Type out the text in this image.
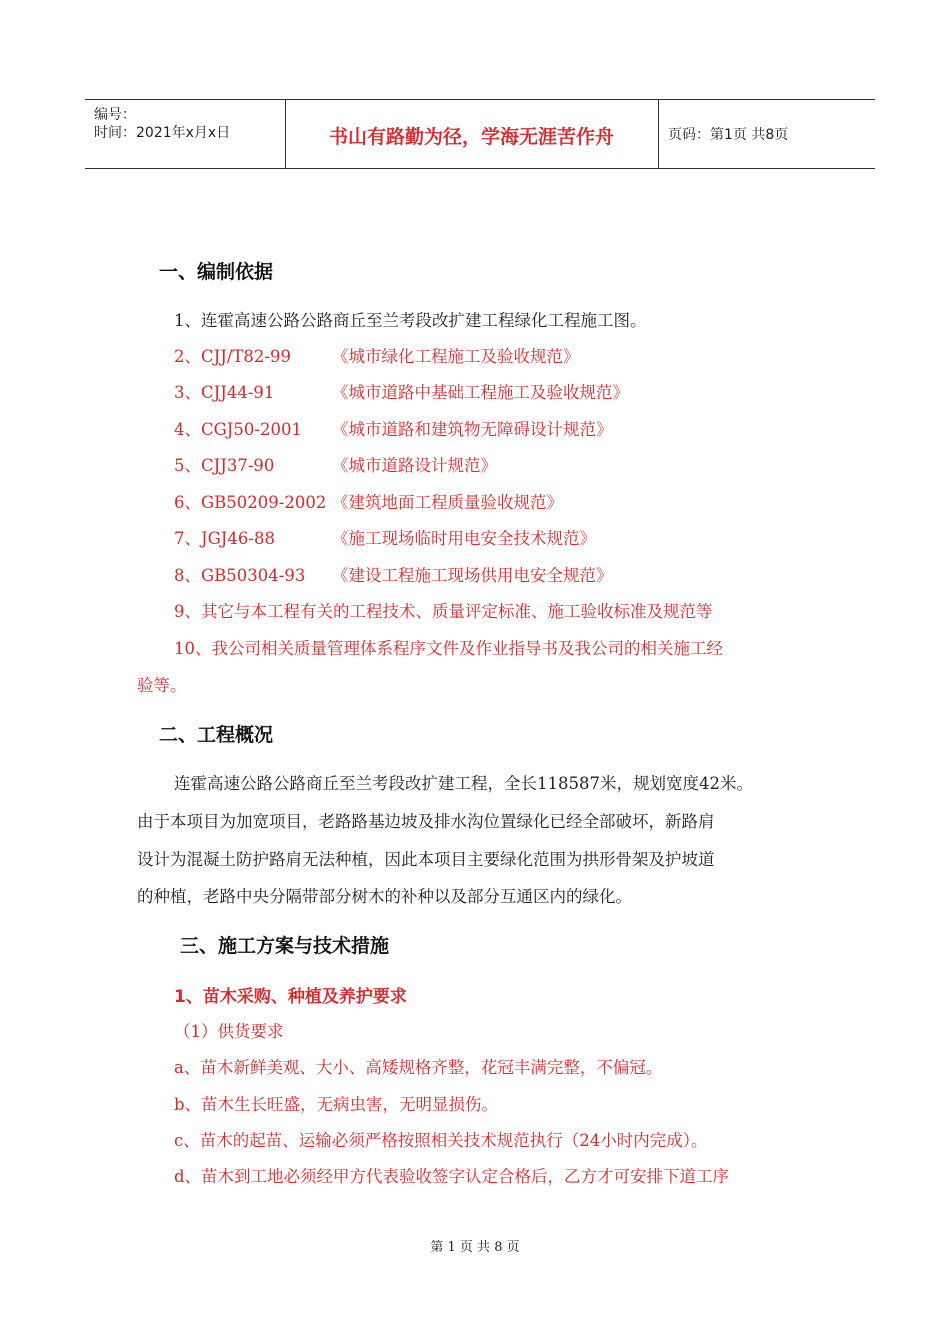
编号：
时间：2021年x月x日	书山有路勤为径，学海无涯苦作舟	页码：第1页 共8页
一、编制依据
1、连霍高速公路公路商丘至兰考段改扩建工程绿化工程施工图。
2、CJJ/T82-99 《城市绿化工程施工及验收规范》
3、CJJ44-91	《城市道路中基础工程施工及验收规范》
4、CGJ50-2001 《城市道路和建筑物无障碍设计规范》
5、CJJ37-90	《城市道路设计规范》
6、GB50209-2002 《建筑地面工程质量验收规范》
7、JGJ46-88	《施工现场临时用电安全技术规范》
8、GB50304-93 《建设工程施工现场供用电安全规范》
9、其它与本工程有关的工程技术、质量评定标准、施工验收标准及规范等
10、我公司相关质量管理体系程序文件及作业指导书及我公司的相关施工经
验等。
二、工程概况
连霍高速公路公路商丘至兰考段改扩建工程，全长118587米，规划宽度42米。
由于本项目为加宽项目，老路路基边坡及排水沟位置绿化已经全部破坏，新路肩
设计为混凝土防护路肩无法种植，因此本项目主要绿化范围为拱形骨架及护坡道
的种植，老路中央分隔带部分树木的补种以及部分互通区内的绿化。
三、施工方案与技术措施
1、苗木采购、种植及养护要求
（1）供货要求
a、苗木新鲜美观、大小、高矮规格齐整，花冠丰满完整，不偏冠。
b、苗木生长旺盛，无病虫害，无明显损伤。
c、苗木的起苗、运输必须严格按照相关技术规范执行（24小时内完成）。
d、苗木到工地必须经甲方代表验收签字认定合格后，乙方才可安排下道工序
第 1 页 共 8 页
